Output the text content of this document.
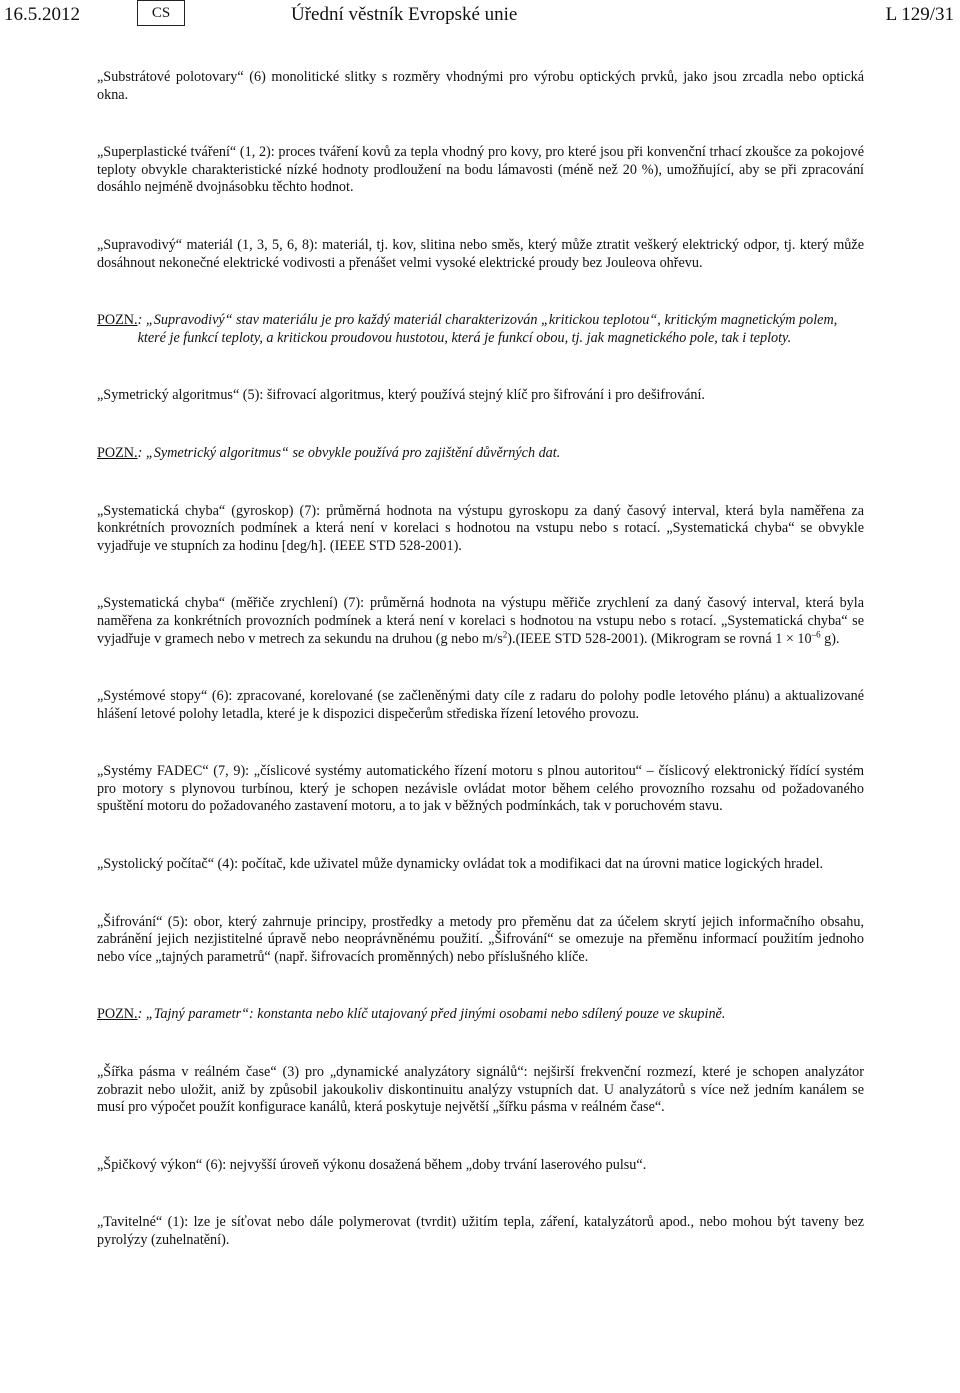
16.5.2012	CS	Úřední věstník Evropské unie	L 129/31

„Substrátové polotovary“ (6) monolitické slitky s rozměry vhodnými pro výrobu optických prvků, jako jsou zrcadla nebo optická okna.

„Superplastické tváření“ (1, 2): proces tváření kovů za tepla vhodný pro kovy, pro které jsou při konvenční trhací zkoušce za pokojové teploty obvykle charakteristické nízké hodnoty prodloužení na bodu lámavosti (méně než 20 %), umožňující, aby se při zpracování dosáhlo nejméně dvojnásobku těchto hodnot.

„Supravodivý“ materiál (1, 3, 5, 6, 8): materiál, tj. kov, slitina nebo směs, který může ztratit veškerý elektrický odpor, tj. který může dosáhnout nekonečné elektrické vodivosti a přenášet velmi vysoké elektrické proudy bez Jouleova ohřevu.

POZN. : „Supravodivý“ stav materiálu je pro každý materiál charakterizován „kritickou teplotou“, kritickým magnetickým polem, které je funkcí teploty, a kritickou proudovou hustotou, která je funkcí obou, tj. jak magnetického pole, tak i teploty.

„Symetrický algoritmus“ (5): šifrovací algoritmus, který používá stejný klíč pro šifrování i pro dešifrování.

POZN. : „Symetrický algoritmus“ se obvykle používá pro zajištění důvěrných dat.

„Systematická chyba“ (gyroskop) (7): průměrná hodnota na výstupu gyroskopu za daný časový interval, která byla naměřena za konkrétních provozních podmínek a která není v korelaci s hodnotou na vstupu nebo s rotací. „Systematická chyba“ se obvykle vyjadřuje ve stupních za hodinu [deg/h]. (IEEE STD 528-2001).

„Systematická chyba“ (měřiče zrychlení) (7): průměrná hodnota na výstupu měřiče zrychlení za daný časový interval, která byla naměřena za konkrétních provozních podmínek a která není v korelaci s hodnotou na vstupu nebo s rotací. „Systematická chyba“ se vyjadřuje v gramech nebo v metrech za sekundu na druhou (g nebo $m/s^2).(IEEE$ STD 528-2001). (Mikrogram se rovná $1 \times 10^{-6}$ g).

„Systémové stopy“ (6): zpracované, korelované (se začleněnými daty cíle z radaru do polohy podle letového plánu) a aktualizované hlášení letové polohy letadla, které je k dispozici dispečerům střediska řízení letového provozu.

„Systémy FADEC“ (7, 9): „číslicové systémy automatického řízení motoru s plnou autoritou“ – číslicový elektronický řídící systém pro motory s plynovou turbínou, který je schopen nezávisle ovládat motor během celého provozního rozsahu od požadovaného spuštění motoru do požadovaného zastavení motoru, a to jak v běžných podmínkách, tak v poruchovém stavu.

„Systolický počítač“ (4): počítač, kde uživatel může dynamicky ovládat tok a modifikaci dat na úrovni matice logických hradel.

„Šifrování“ (5): obor, který zahrnuje principy, prostředky a metody pro přeměnu dat za účelem skrytí jejich informačního obsahu, zabránění jejich nezjistitelné úpravě nebo neoprávněnému použití. „Šifrování“ se omezuje na přeměnu informací použitím jednoho nebo více „tajných parametrů“ (např. šifrovacích proměnných) nebo příslušného klíče.

POZN. : „Tajný parametr“: konstanta nebo klíč utajovaný před jinými osobami nebo sdílený pouze ve skupině.

„Šířka pásma v reálném čase“ (3) pro „dynamické analyzátory signálů“: nejširší frekvenční rozmezí, které je schopen analyzátor zobrazit nebo uložit, aniž by způsobil jakoukoliv diskontinuitu analýzy vstupních dat. U analyzátorů s více než jedním kanálem se musí pro výpočet použít konfigurace kanálů, která poskytuje největší „šířku pásma v reálném čase“.

„Špičkový výkon“ (6): nejvyšší úroveň výkonu dosažená během „doby trvání laserového pulsu“.

„Tavitelné“ (1): lze je síťovat nebo dále polymerovat (tvrdit) užitím tepla, záření, katalyzátorů apod., nebo mohou být taveny bez pyrolýzy (zuhelnatění).
